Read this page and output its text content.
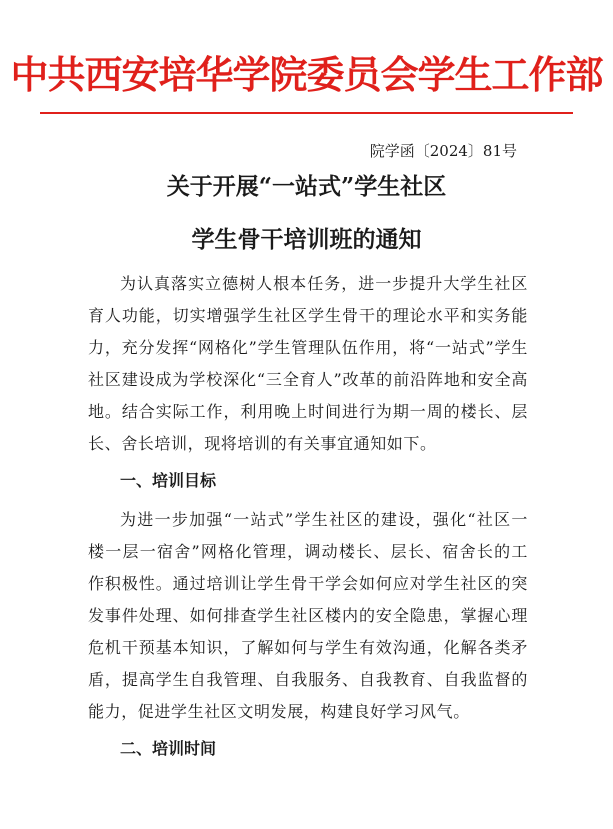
中共西安培华学院委员会学生工作部
院学函〔2024〕81号
关于开展“一站式”学生社区
学生骨干培训班的通知

为认真落实立德树人根本任务，进一步提升大学生社区育人功能，切实增强学生社区学生骨干的理论水平和实务能力，充分发挥“网格化”学生管理队伍作用，将“一站式”学生社区建设成为学校深化“三全育人”改革的前沿阵地和安全高地。结合实际工作，利用晚上时间进行为期一周的楼长、层长、舍长培训，现将培训的有关事宜通知如下。

一、培训目标

为进一步加强“一站式”学生社区的建设，强化“社区一楼一层一宿舍”网格化管理，调动楼长、层长、宿舍长的工作积极性。通过培训让学生骨干学会如何应对学生社区的突发事件处理、如何排查学生社区楼内的安全隐患，掌握心理危机干预基本知识，了解如何与学生有效沟通，化解各类矛盾，提高学生自我管理、自我服务、自我教育、自我监督的能力，促进学生社区文明发展，构建良好学习风气。

二、培训时间
